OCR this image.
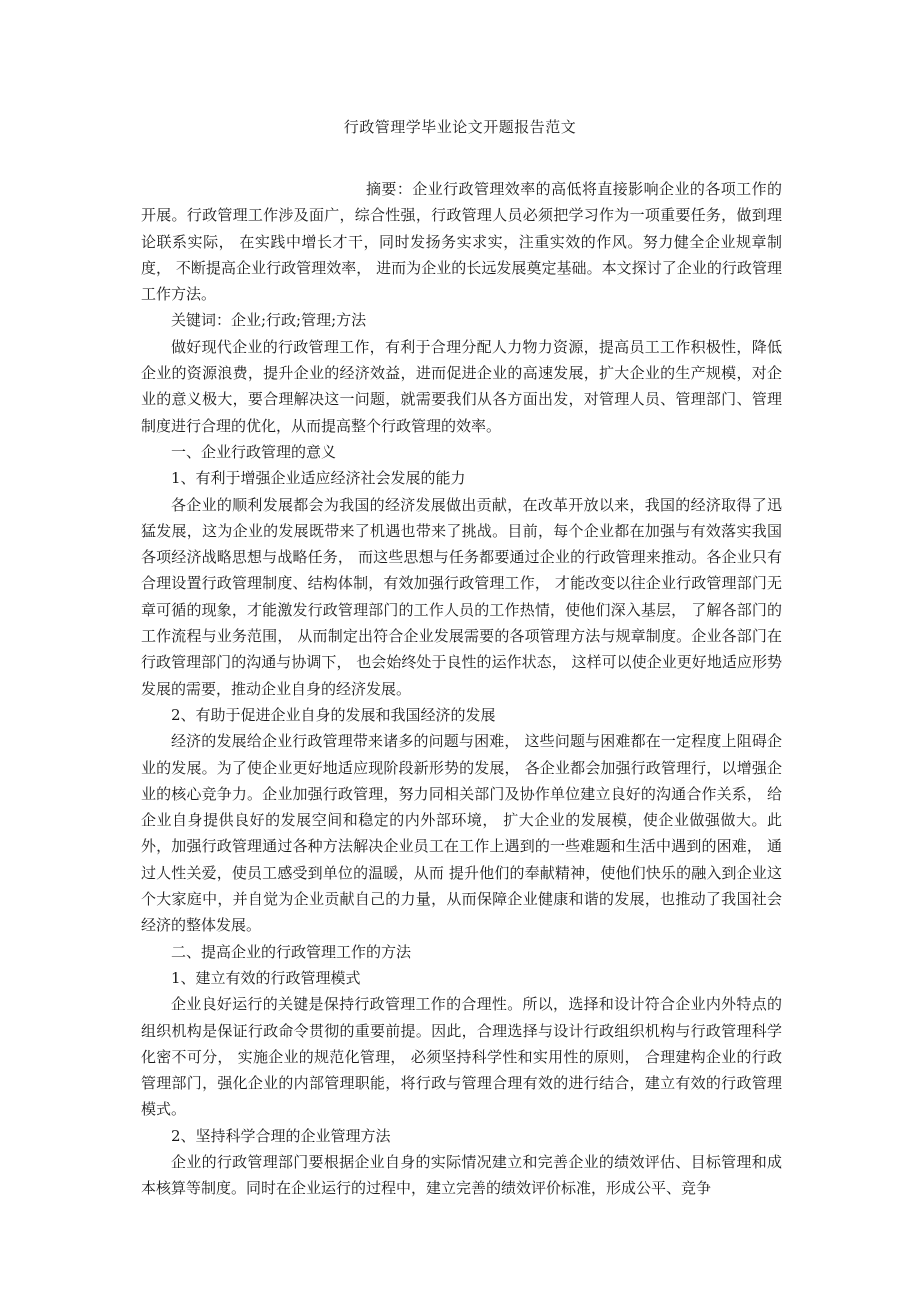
行政管理学毕业论文开题报告范文

摘要：企业行政管理效率的高低将直接影响企业的各项工作的开展。行政管理工作涉及面广，综合性强，行政管理人员必须把学习作为一项重要任务，做到理论联系实际， 在实践中增长才干，同时发扬务实求实，注重实效的作风。努力健全企业规章制度， 不断提高企业行政管理效率， 进而为企业的长远发展奠定基础。本文探讨了企业的行政管理工作方法。

关键词：企业;行政;管理;方法

做好现代企业的行政管理工作，有利于合理分配人力物力资源，提高员工工作积极性，降低企业的资源浪费，提升企业的经济效益，进而促进企业的高速发展，扩大企业的生产规模，对企业的意义极大，要合理解决这一问题，就需要我们从各方面出发，对管理人员、管理部门、管理制度进行合理的优化，从而提高整个行政管理的效率。

一、企业行政管理的意义

1、有利于增强企业适应经济社会发展的能力

各企业的顺利发展都会为我国的经济发展做出贡献，在改革开放以来，我国的经济取得了迅猛发展，这为企业的发展既带来了机遇也带来了挑战。目前，每个企业都在加强与有效落实我国各项经济战略思想与战略任务， 而这些思想与任务都要通过企业的行政管理来推动。各企业只有合理设置行政管理制度、结构体制，有效加强行政管理工作， 才能改变以往企业行政管理部门无章可循的现象，才能激发行政管理部门的工作人员的工作热情，使他们深入基层， 了解各部门的工作流程与业务范围， 从而制定出符合企业发展需要的各项管理方法与规章制度。企业各部门在行政管理部门的沟通与协调下， 也会始终处于良性的运作状态， 这样可以使企业更好地适应形势发展的需要，推动企业自身的经济发展。

2、有助于促进企业自身的发展和我国经济的发展

经济的发展给企业行政管理带来诸多的问题与困难， 这些问题与困难都在一定程度上阻碍企业的发展。为了使企业更好地适应现阶段新形势的发展， 各企业都会加强行政管理行，以增强企业的核心竞争力。企业加强行政管理，努力同相关部门及协作单位建立良好的沟通合作关系， 给企业自身提供良好的发展空间和稳定的内外部环境， 扩大企业的发展模，使企业做强做大。此外，加强行政管理通过各种方法解决企业员工在工作上遇到的一些难题和生活中遇到的困难， 通过人性关爱，使员工感受到单位的温暖，从而 提升他们的奉献精神，使他们快乐的融入到企业这个大家庭中，并自觉为企业贡献自己的力量，从而保障企业健康和谐的发展，也推动了我国社会经济的整体发展。

二、提高企业的行政管理工作的方法

1、建立有效的行政管理模式

企业良好运行的关键是保持行政管理工作的合理性。所以，选择和设计符合企业内外特点的组织机构是保证行政命令贯彻的重要前提。因此，合理选择与设计行政组织机构与行政管理科学化密不可分， 实施企业的规范化管理， 必须坚持科学性和实用性的原则， 合理建构企业的行政管理部门，强化企业的内部管理职能，将行政与管理合理有效的进行结合，建立有效的行政管理模式。

2、坚持科学合理的企业管理方法

企业的行政管理部门要根据企业自身的实际情况建立和完善企业的绩效评估、目标管理和成本核算等制度。同时在企业运行的过程中，建立完善的绩效评价标准，形成公平、竞争
